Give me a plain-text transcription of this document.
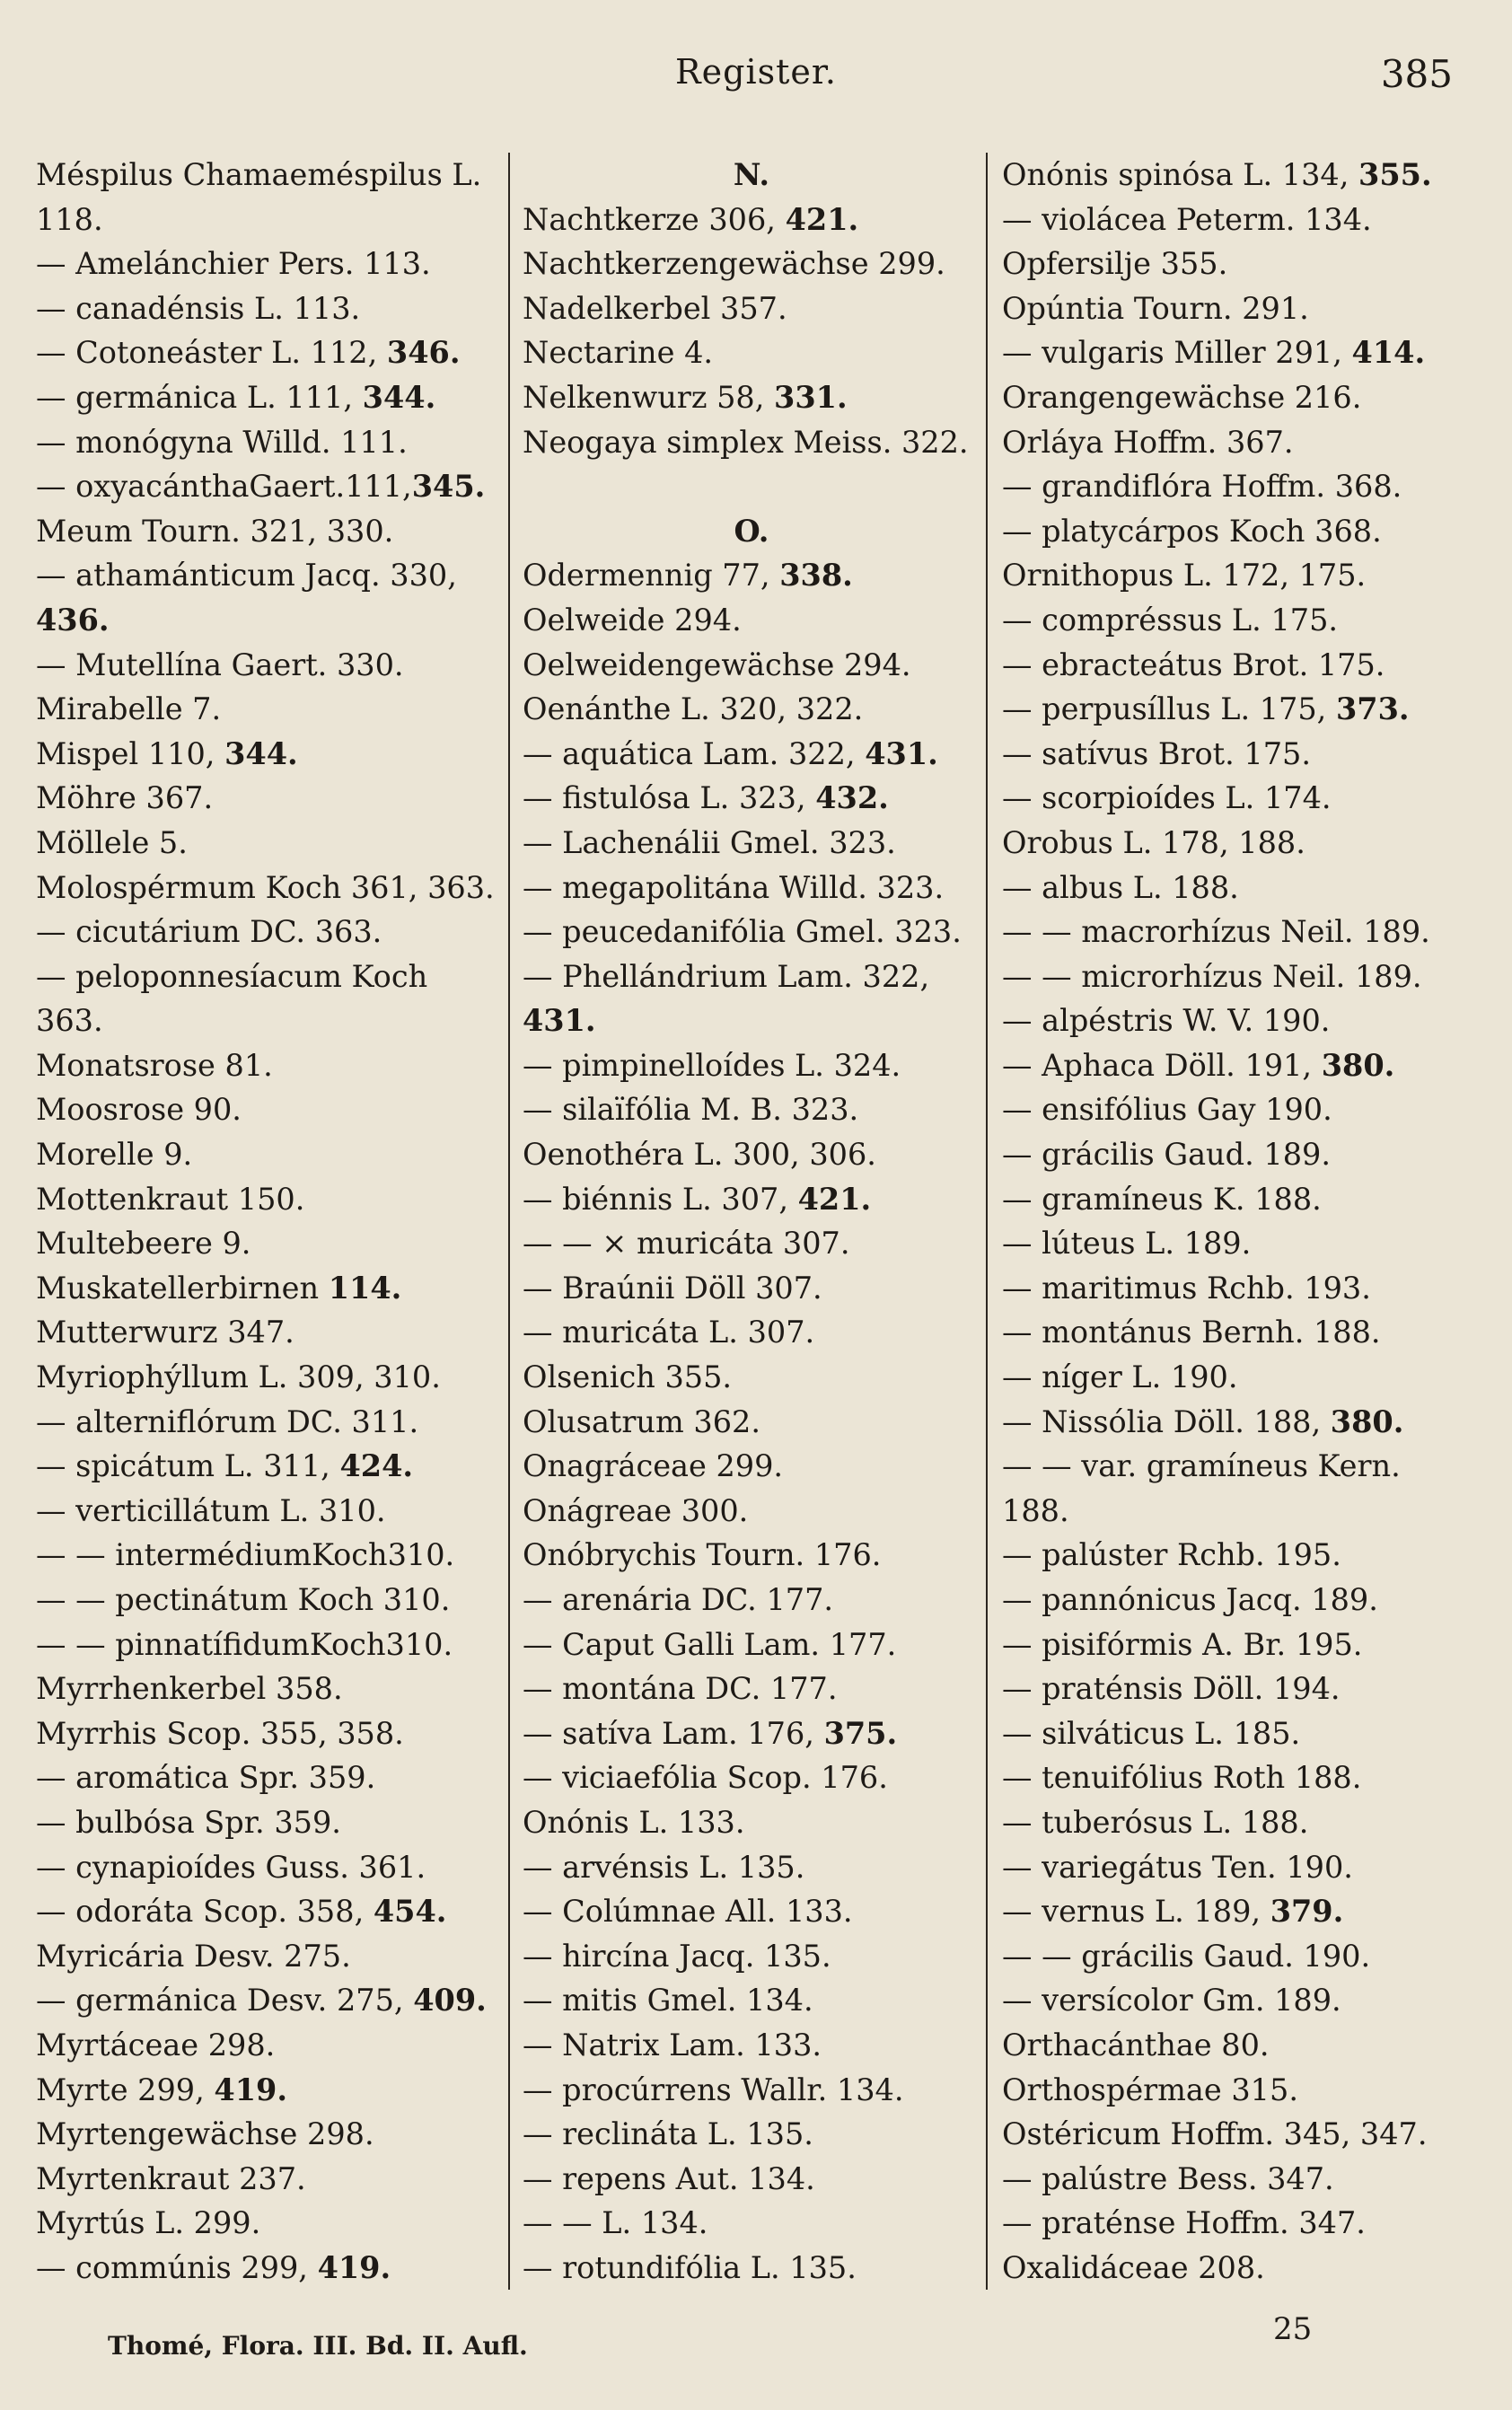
Register.	385
Méspilus Chamaeméspilus L.
118.
— Amelánchier Pers. 113.
— canadénsis L. 113.
— Cotoneáster L. 112, 346.
— germánica L. 111, 344.
— monógyna Willd. 111.
— oxyacánthaGaert.111,345.
Meum Tourn. 321, 330.
— athamánticum Jacq. 330,
436.
— Mutellína Gaert. 330.
Mirabelle 7.
Mispel 110, 344.
Möhre 367.
Möllele 5.
Molospérmum Koch 361, 363.
— cicutárium DC. 363.
— peloponnesíacum Koch
363.
Monatsrose 81.
Moosrose 90.
Morelle 9.
Mottenkraut 150.
Multebeere 9.
Muskatellerbirnen 114.
Mutterwurz 347.
Myriophýllum L. 309, 310.
— alterniflórum DC. 311.
— spicátum L. 311, 424.
— verticillátum L. 310.
— — intermédiumKoch310.
— — pectinátum Koch 310.
— — pinnatífidumKoch310.
Myrrhenkerbel 358.
Myrrhis Scop. 355, 358.
— aromática Spr. 359.
— bulbósa Spr. 359.
— cynapioídes Guss. 361.
— odoráta Scop. 358, 454.
Myricária Desv. 275.
— germánica Desv. 275, 409.
Myrtáceae 298.
Myrte 299, 419.
Myrtengewächse 298.
Myrtenkraut 237.
Myrtús L. 299.
— commúnis 299, 419.
N.
Nachtkerze 306, 421.
Nachtkerzengewächse 299.
Nadelkerbel 357.
Nectarine 4.
Nelkenwurz 58, 331.
Neogaya simplex Meiss. 322.
O.
Odermennig 77, 338.
Oelweide 294.
Oelweidengewächse 294.
Oenánthe L. 320, 322.
— aquática Lam. 322, 431.
— fistulósa L. 323, 432.
— Lachenálii Gmel. 323.
— megapolitána Willd. 323.
— peucedanifólia Gmel. 323.
— Phellándrium Lam. 322,
431.
— pimpinelloídes L. 324.
— silaïfólia M. B. 323.
Oenothéra L. 300, 306.
— biénnis L. 307, 421.
— — × muricáta 307.
— Braúnii Döll 307.
— muricáta L. 307.
Olsenich 355.
Olusatrum 362.
Onagráceae 299.
Onágreae 300.
Onóbrychis Tourn. 176.
— arenária DC. 177.
— Caput Galli Lam. 177.
— montána DC. 177.
— satíva Lam. 176, 375.
— viciaefólia Scop. 176.
Onónis L. 133.
— arvénsis L. 135.
— Colúmnae All. 133.
— hircína Jacq. 135.
— mitis Gmel. 134.
— Natrix Lam. 133.
— procúrrens Wallr. 134.
— reclináta L. 135.
— repens Aut. 134.
— — L. 134.
— rotundifólia L. 135.
Onónis spinósa L. 134, 355.
— violácea Peterm. 134.
Opfersilje 355.
Opúntia Tourn. 291.
— vulgaris Miller 291, 414.
Orangengewächse 216.
Orláya Hoffm. 367.
— grandiflóra Hoffm. 368.
— platycárpos Koch 368.
Ornithopus L. 172, 175.
— compréssus L. 175.
— ebracteátus Brot. 175.
— perpusíllus L. 175, 373.
— satívus Brot. 175.
— scorpioídes L. 174.
Orobus L. 178, 188.
— albus L. 188.
— — macrorhízus Neil. 189.
— — microrhízus Neil. 189.
— alpéstris W. V. 190.
— Aphaca Döll. 191, 380.
— ensifólius Gay 190.
— grácilis Gaud. 189.
— gramíneus K. 188.
— lúteus L. 189.
— maritimus Rchb. 193.
— montánus Bernh. 188.
— níger L. 190.
— Nissólia Döll. 188, 380.
— — var. gramíneus Kern.
188.
— palúster Rchb. 195.
— pannónicus Jacq. 189.
— pisifórmis A. Br. 195.
— praténsis Döll. 194.
— silváticus L. 185.
— tenuifólius Roth 188.
— tuberósus L. 188.
— variegátus Ten. 190.
— vernus L. 189, 379.
— — grácilis Gaud. 190.
— versícolor Gm. 189.
Orthacánthae 80.
Orthospérmae 315.
Ostéricum Hoffm. 345, 347.
— palústre Bess. 347.
— praténse Hoffm. 347.
Oxalidáceae 208.
Thomé, Flora. III. Bd. II. Aufl.	25
